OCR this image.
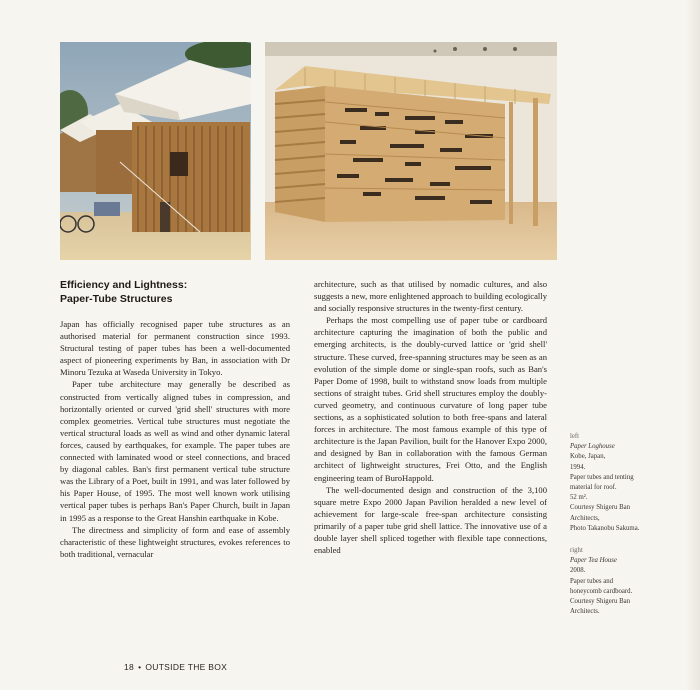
Efficiency and Lightness:
Paper-Tube Structures

Japan has officially recognised paper tube structures as an authorised material for permanent construction since 1993. Structural testing of paper tubes has been a well-documented aspect of pioneering experiments by Ban, in association with Dr Minoru Tezuka at Waseda University in Tokyo.

Paper tube architecture may generally be described as constructed from vertically aligned tubes in compression, and horizontally oriented or curved 'grid shell' structures with more complex geometries. Vertical tube structures must negotiate the vertical structural loads as well as wind and other dynamic lateral forces, caused by earthquakes, for example. The paper tubes are connected with laminated wood or steel connections, and braced by diagonal cables. Ban's first permanent vertical tube structure was the Library of a Poet, built in 1991, and was later followed by his Paper House, of 1995. The most well known work utilising vertical paper tubes is perhaps Ban's Paper Church, built in Japan in 1995 as a response to the Great Hanshin earthquake in Kobe.

The directness and simplicity of form and ease of assembly characteristic of these lightweight structures, evokes references to both traditional, vernacular

architecture, such as that utilised by nomadic cultures, and also suggests a new, more enlightened approach to building ecologically and socially responsive structures in the twenty-first century.

Perhaps the most compelling use of paper tube or cardboard architecture capturing the imagination of both the public and emerging architects, is the doubly-curved lattice or 'grid shell' structure. These curved, free-spanning structures may be seen as an evolution of the simple dome or single-span roofs, such as Ban's Paper Dome of 1998, built to withstand snow loads from multiple sections of straight tubes. Grid shell structures employ the doubly-curved geometry, and continuous curvature of long paper tube sections, as a sophisticated solution to both free-spans and lateral forces in architecture. The most famous example of this type of architecture is the Japan Pavilion, built for the Hanover Expo 2000, and designed by Ban in collaboration with the famous German architect of lightweight structures, Frei Otto, and the English engineering team of BuroHappold.

The well-documented design and construction of the 3,100 square metre Expo 2000 Japan Pavilion heralded a new level of achievement for large-scale free-span architecture consisting primarily of a paper tube grid shell lattice. The innovative use of a double layer shell spliced together with flexible tape connections, enabled

left
Paper Loghouse
Kobe, Japan,
1994.
Paper tubes and tenting
material for roof.
52 m².
Courtesy Shigeru Ban
Architects,
Photo Takanobu Sakuma.
right
Paper Tea House
2008.
Paper tubes and
honeycomb cardboard.
Courtesy Shigeru Ban
Architects.
18 • OUTSIDE THE BOX
